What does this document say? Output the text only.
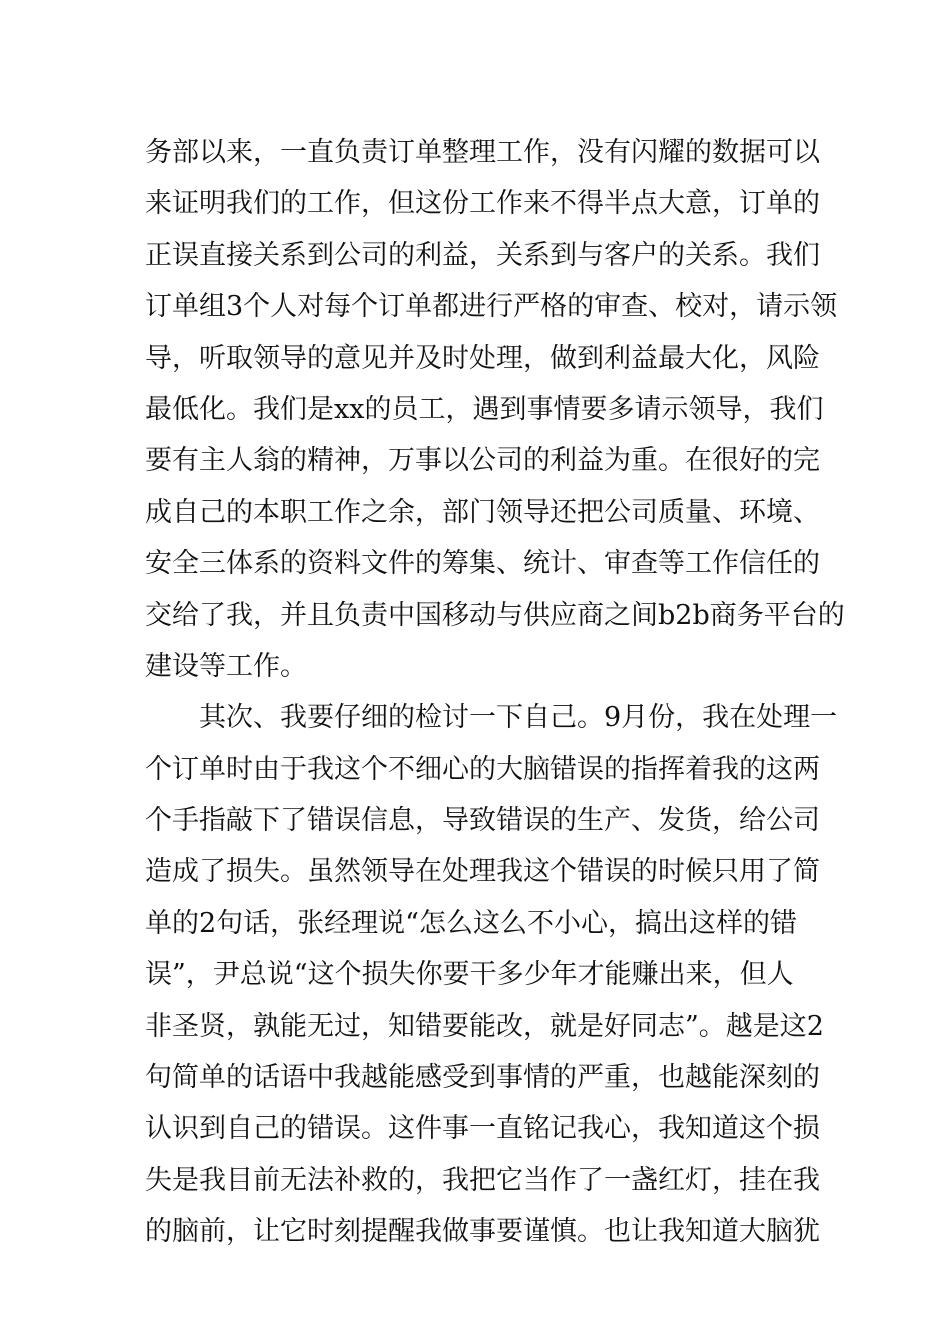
务部以来，一直负责订单整理工作，没有闪耀的数据可以
来证明我们的工作，但这份工作来不得半点大意，订单的
正误直接关系到公司的利益，关系到与客户的关系。我们
订单组3个人对每个订单都进行严格的审查、校对，请示领
导，听取领导的意见并及时处理，做到利益最大化，风险
最低化。我们是xx的员工，遇到事情要多请示领导，我们
要有主人翁的精神，万事以公司的利益为重。在很好的完
成自己的本职工作之余，部门领导还把公司质量、环境、
安全三体系的资料文件的筹集、统计、审查等工作信任的
交给了我，并且负责中国移动与供应商之间b2b商务平台的
建设等工作。
其次、我要仔细的检讨一下自己。9月份，我在处理一
个订单时由于我这个不细心的大脑错误的指挥着我的这两
个手指敲下了错误信息，导致错误的生产、发货，给公司
造成了损失。虽然领导在处理我这个错误的时候只用了简
单的2句话，张经理说“怎么这么不小心，搞出这样的错
误”，尹总说“这个损失你要干多少年才能赚出来，但人
非圣贤，孰能无过，知错要能改，就是好同志”。越是这2
句简单的话语中我越能感受到事情的严重，也越能深刻的
认识到自己的错误。这件事一直铭记我心，我知道这个损
失是我目前无法补救的，我把它当作了一盏红灯，挂在我
的脑前，让它时刻提醒我做事要谨慎。也让我知道大脑犹
